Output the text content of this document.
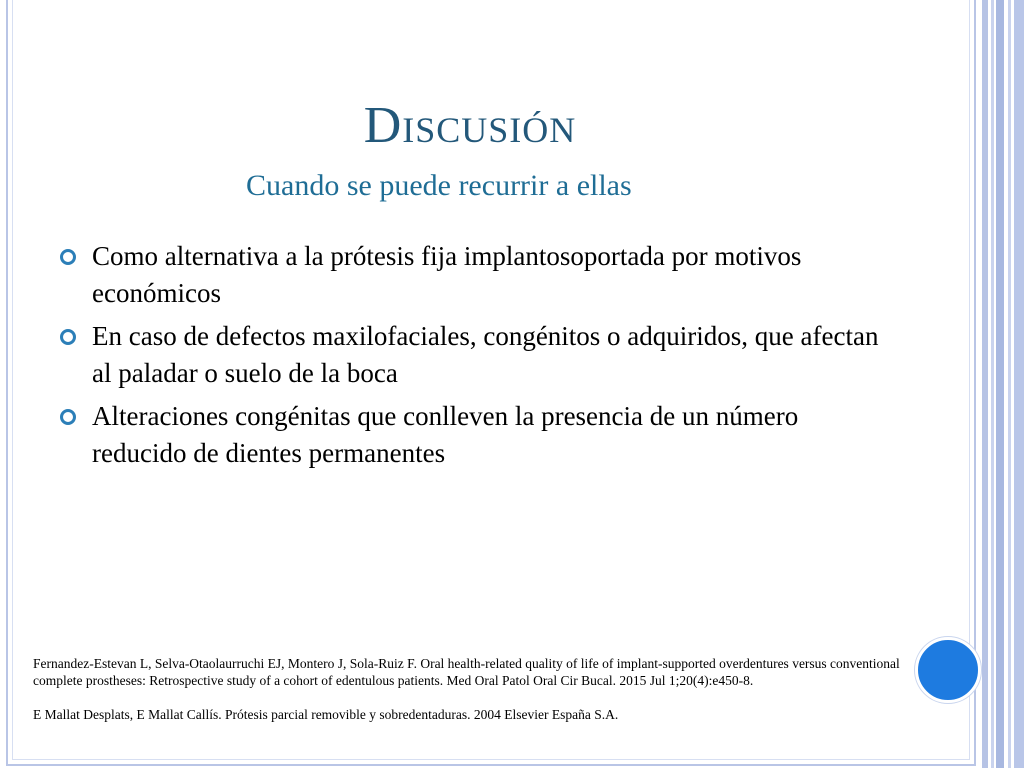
Discusión
Cuando se puede recurrir a ellas
Como alternativa a la prótesis fija implantosoportada por motivos económicos
En caso de defectos maxilofaciales, congénitos o adquiridos, que afectan al paladar o suelo de la boca
Alteraciones congénitas que conlleven la presencia de un número reducido de dientes permanentes

Fernandez-Estevan L, Selva-Otaolaurruchi EJ, Montero J, Sola-Ruiz F. Oral health-related quality of life of implant-supported overdentures versus conventional complete prostheses: Retrospective study of a cohort of edentulous patients. Med Oral Patol Oral Cir Bucal. 2015 Jul 1;20(4):e450-8.

E Mallat Desplats, E Mallat Callís. Prótesis parcial removible y sobredentaduras. 2004 Elsevier España S.A.
